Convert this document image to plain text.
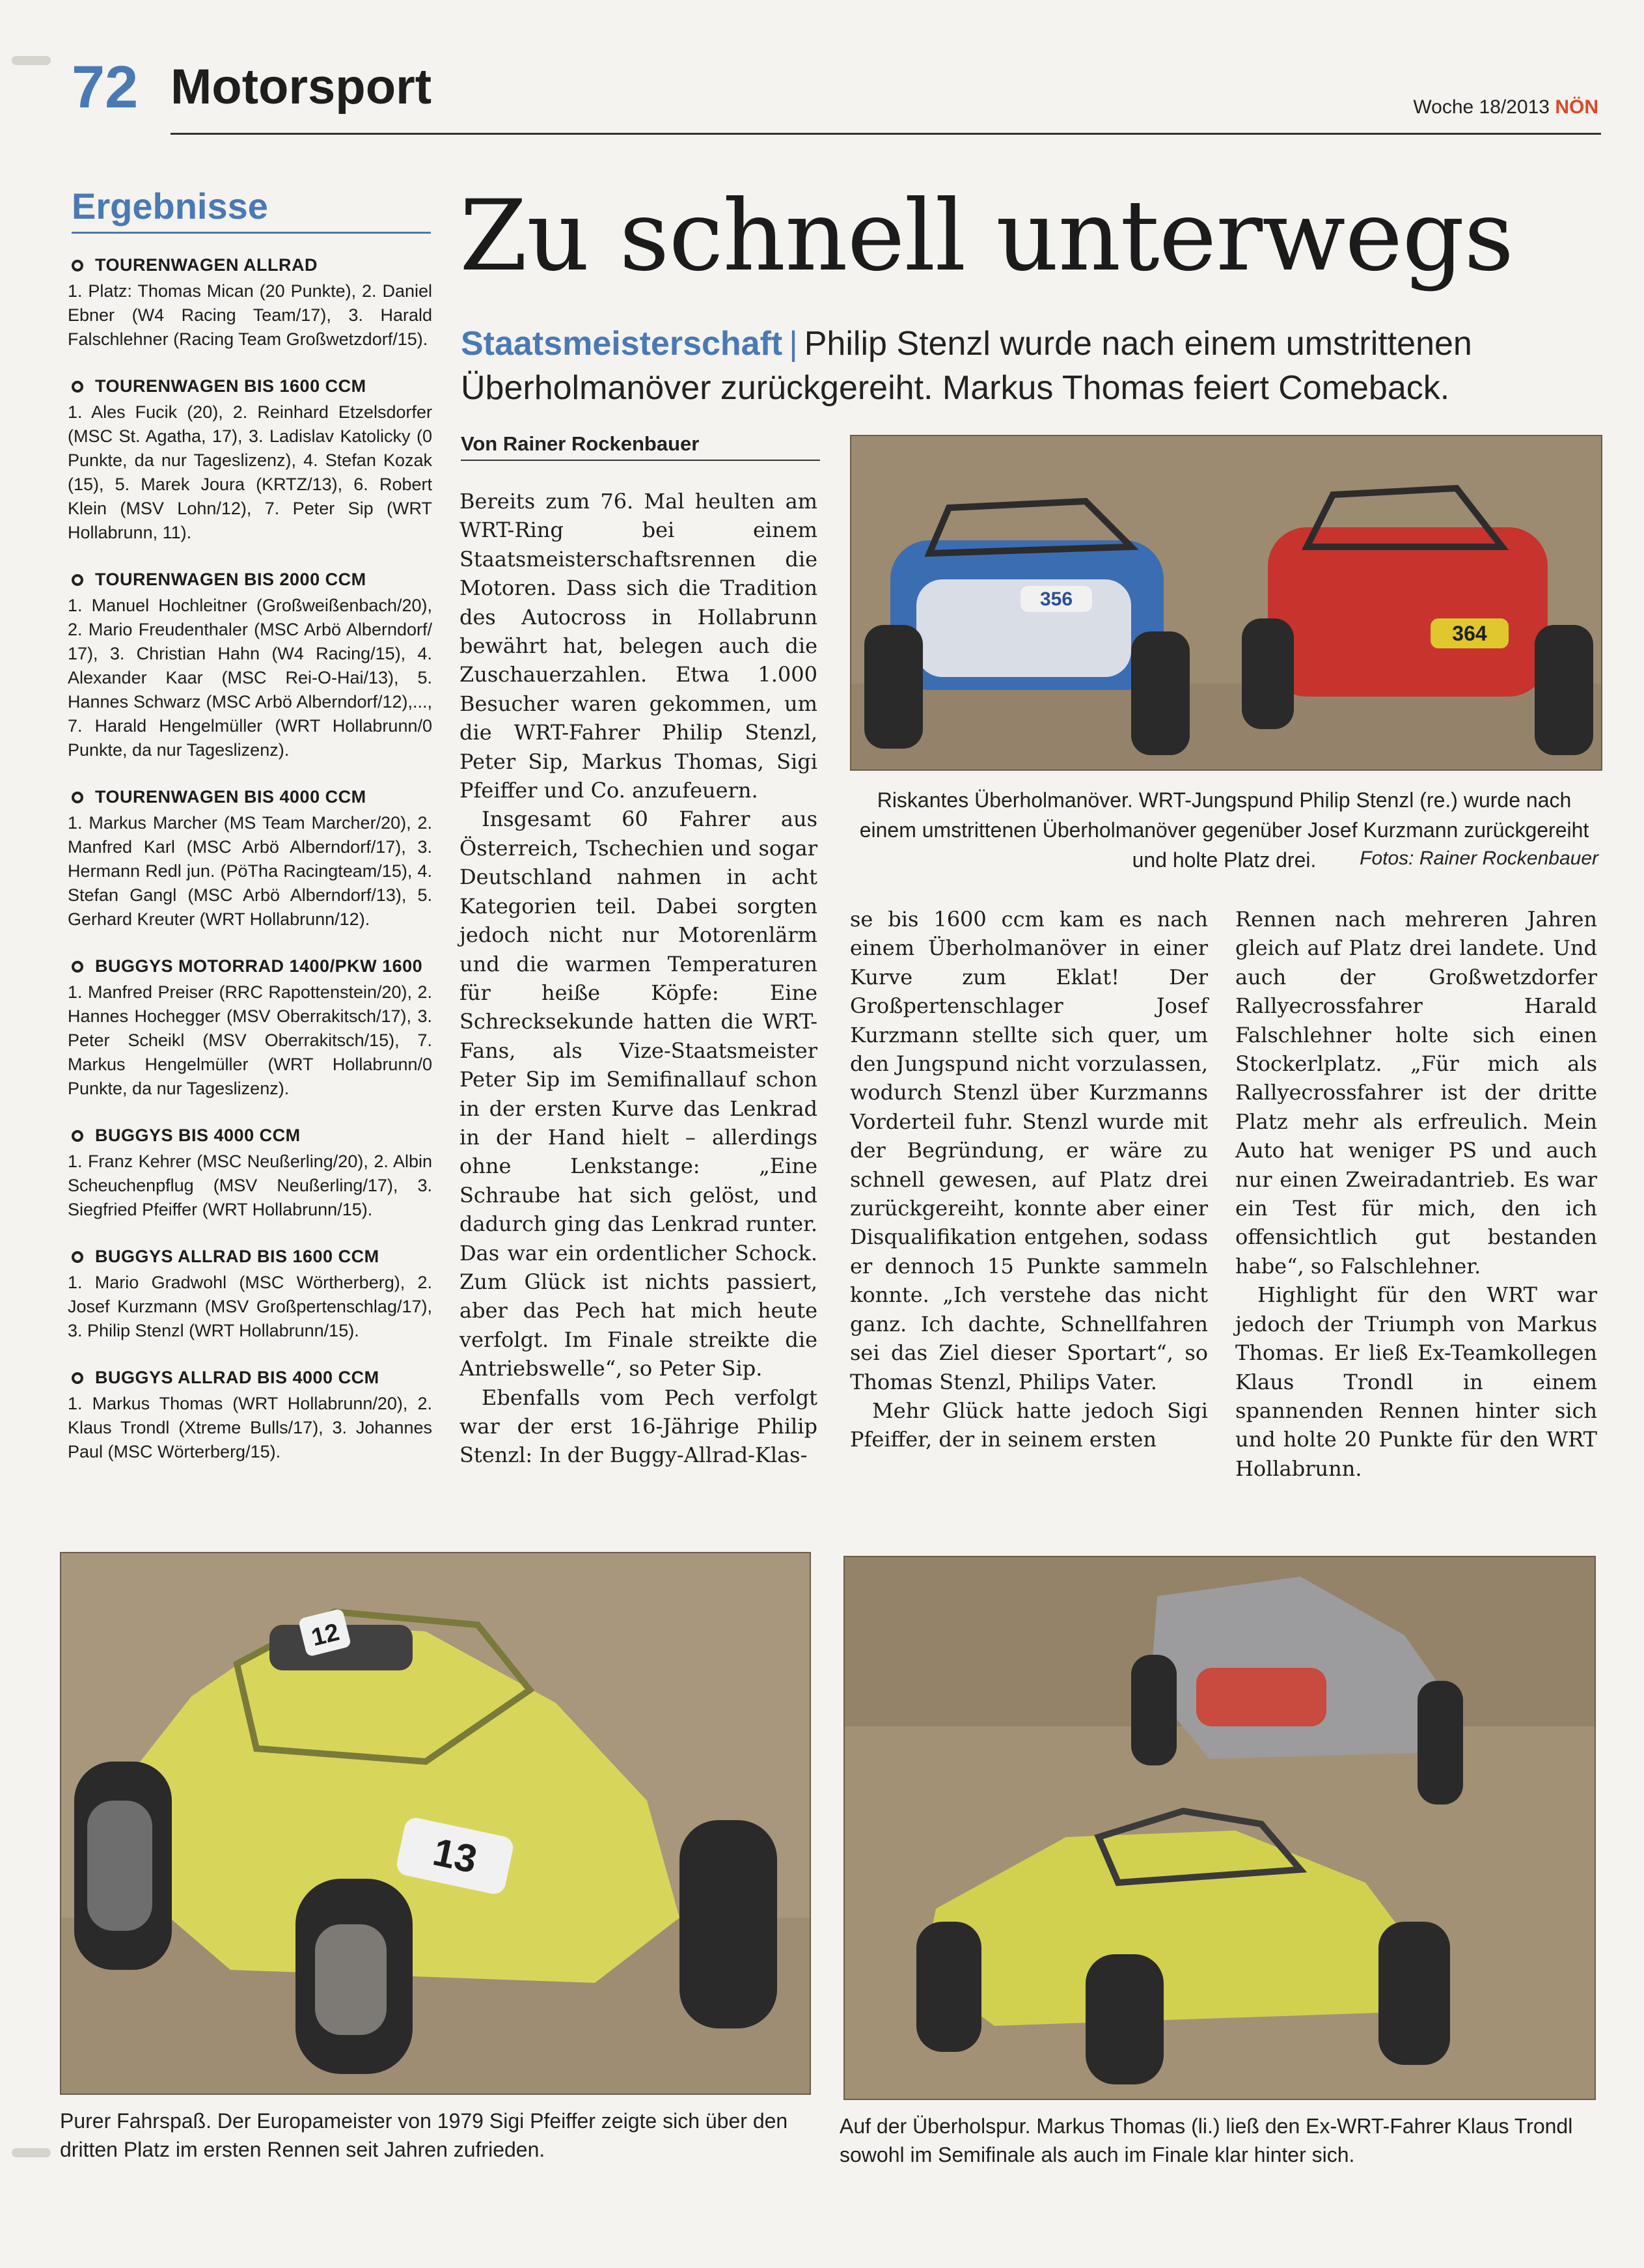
72 Motorsport	Woche 18/2013 NÖN
Ergebnisse
TOURENWAGEN ALLRAD
1. Platz: Thomas Mican (20 Punkte), 2. Daniel Ebner (W4 Racing Team/17), 3. Harald Falschlehner (Racing Team Großwetzdorf/15).
TOURENWAGEN BIS 1600 CCM
1. Ales Fucik (20), 2. Reinhard Etzelsdorfer (MSC St. Agatha, 17), 3. Ladislav Katolicky (0 Punkte, da nur Tageslizenz), 4. Stefan Kozak (15), 5. Marek Joura (KRTZ/13), 6. Robert Klein (MSV Lohn/12), 7. Peter Sip (WRT Hollabrunn, 11).
TOURENWAGEN BIS 2000 CCM
1. Manuel Hochleitner (Großweißenbach/20), 2. Mario Freudenthaler (MSC Arbö Alberndorf/ 17), 3. Christian Hahn (W4 Racing/15), 4. Alexander Kaar (MSC Rei-O-Hai/13), 5. Hannes Schwarz (MSC Arbö Alberndorf/12),..., 7. Harald Hengelmüller (WRT Hollabrunn/0 Punkte, da nur Tageslizenz).
TOURENWAGEN BIS 4000 CCM
1. Markus Marcher (MS Team Marcher/20), 2. Manfred Karl (MSC Arbö Alberndorf/17), 3. Hermann Redl jun. (PöTha Racingteam/15), 4. Stefan Gangl (MSC Arbö Alberndorf/13), 5. Gerhard Kreuter (WRT Hollabrunn/12).
BUGGYS MOTORRAD 1400/PKW 1600
1. Manfred Preiser (RRC Rapottenstein/20), 2. Hannes Hochegger (MSV Oberrakitsch/17), 3. Peter Scheikl (MSV Oberrakitsch/15), 7. Markus Hengelmüller (WRT Hollabrunn/0 Punkte, da nur Tageslizenz).
BUGGYS BIS 4000 CCM
1. Franz Kehrer (MSC Neußerling/20), 2. Albin Scheuchenpflug (MSV Neußerling/17), 3. Siegfried Pfeiffer (WRT Hollabrunn/15).
BUGGYS ALLRAD BIS 1600 CCM
1. Mario Gradwohl (MSC Wörtherberg), 2. Josef Kurzmann (MSV Großpertenschlag/17), 3. Philip Stenzl (WRT Hollabrunn/15).
BUGGYS ALLRAD BIS 4000 CCM
1. Markus Thomas (WRT Hollabrunn/20), 2. Klaus Trondl (Xtreme Bulls/17), 3. Johannes Paul (MSC Wörterberg/15).
Zu schnell unterwegs
Staatsmeisterschaft | Philip Stenzl wurde nach einem umstrittenen Überholmanöver zurückgereiht. Markus Thomas feiert Comeback.
Von Rainer Rockenbauer

Bereits zum 76. Mal heulten am WRT-Ring bei einem Staatsmeisterschaftsrennen die Motoren. Dass sich die Tradition des Autocross in Hollabrunn bewährt hat, belegen auch die Zuschauerzahlen. Etwa 1.000 Besucher waren gekommen, um die WRT-Fahrer Philip Stenzl, Peter Sip, Markus Thomas, Sigi Pfeiffer und Co. anzufeuern.

Insgesamt 60 Fahrer aus Österreich, Tschechien und sogar Deutschland nahmen in acht Kategorien teil. Dabei sorgten jedoch nicht nur Motorenlärm und die warmen Temperaturen für heiße Köpfe: Eine Schrecksekunde hatten die WRT-Fans, als Vize-Staatsmeister Peter Sip im Semifinallauf schon in der ersten Kurve das Lenkrad in der Hand hielt – allerdings ohne Lenkstange: „Eine Schraube hat sich gelöst, und dadurch ging das Lenkrad runter. Das war ein ordentlicher Schock. Zum Glück ist nichts passiert, aber das Pech hat mich heute verfolgt. Im Finale streikte die Antriebswelle“, so Peter Sip.

Ebenfalls vom Pech verfolgt war der erst 16-Jährige Philip Stenzl: In der Buggy-Allrad-Klas-

se bis 1600 ccm kam es nach einem Überholmanöver in einer Kurve zum Eklat! Der Großpertenschlager Josef Kurzmann stellte sich quer, um den Jungspund nicht vorzulassen, wodurch Stenzl über Kurzmanns Vorderteil fuhr. Stenzl wurde mit der Begründung, er wäre zu schnell gewesen, auf Platz drei zurückgereiht, konnte aber einer Disqualifikation entgehen, sodass er dennoch 15 Punkte sammeln konnte. „Ich verstehe das nicht ganz. Ich dachte, Schnellfahren sei das Ziel dieser Sportart“, so Thomas Stenzl, Philips Vater.

Mehr Glück hatte jedoch Sigi Pfeiffer, der in seinem ersten

Rennen nach mehreren Jahren gleich auf Platz drei landete. Und auch der Großwetzdorfer Rallyecrossfahrer Harald Falschlehner holte sich einen Stockerlplatz. „Für mich als Rallyecrossfahrer ist der dritte Platz mehr als erfreulich. Mein Auto hat weniger PS und auch nur einen Zweiradantrieb. Es war ein Test für mich, den ich offensichtlich gut bestanden habe“, so Falschlehner.

Highlight für den WRT war jedoch der Triumph von Markus Thomas. Er ließ Ex-Teamkollegen Klaus Trondl in einem spannenden Rennen hinter sich und holte 20 Punkte für den WRT Hollabrunn.

356
364
Riskantes Überholmanöver. WRT-Jungspund Philip Stenzl (re.) wurde nach einem umstrittenen Überholmanöver gegenüber Josef Kurzmann zurückgereiht und holte Platz drei.	Fotos: Rainer Rockenbauer
13
12
Purer Fahrspaß. Der Europameister von 1979 Sigi Pfeiffer zeigte sich über den dritten Platz im ersten Rennen seit Jahren zufrieden.
Auf der Überholspur. Markus Thomas (li.) ließ den Ex-WRT-Fahrer Klaus Trondl sowohl im Semifinale als auch im Finale klar hinter sich.
